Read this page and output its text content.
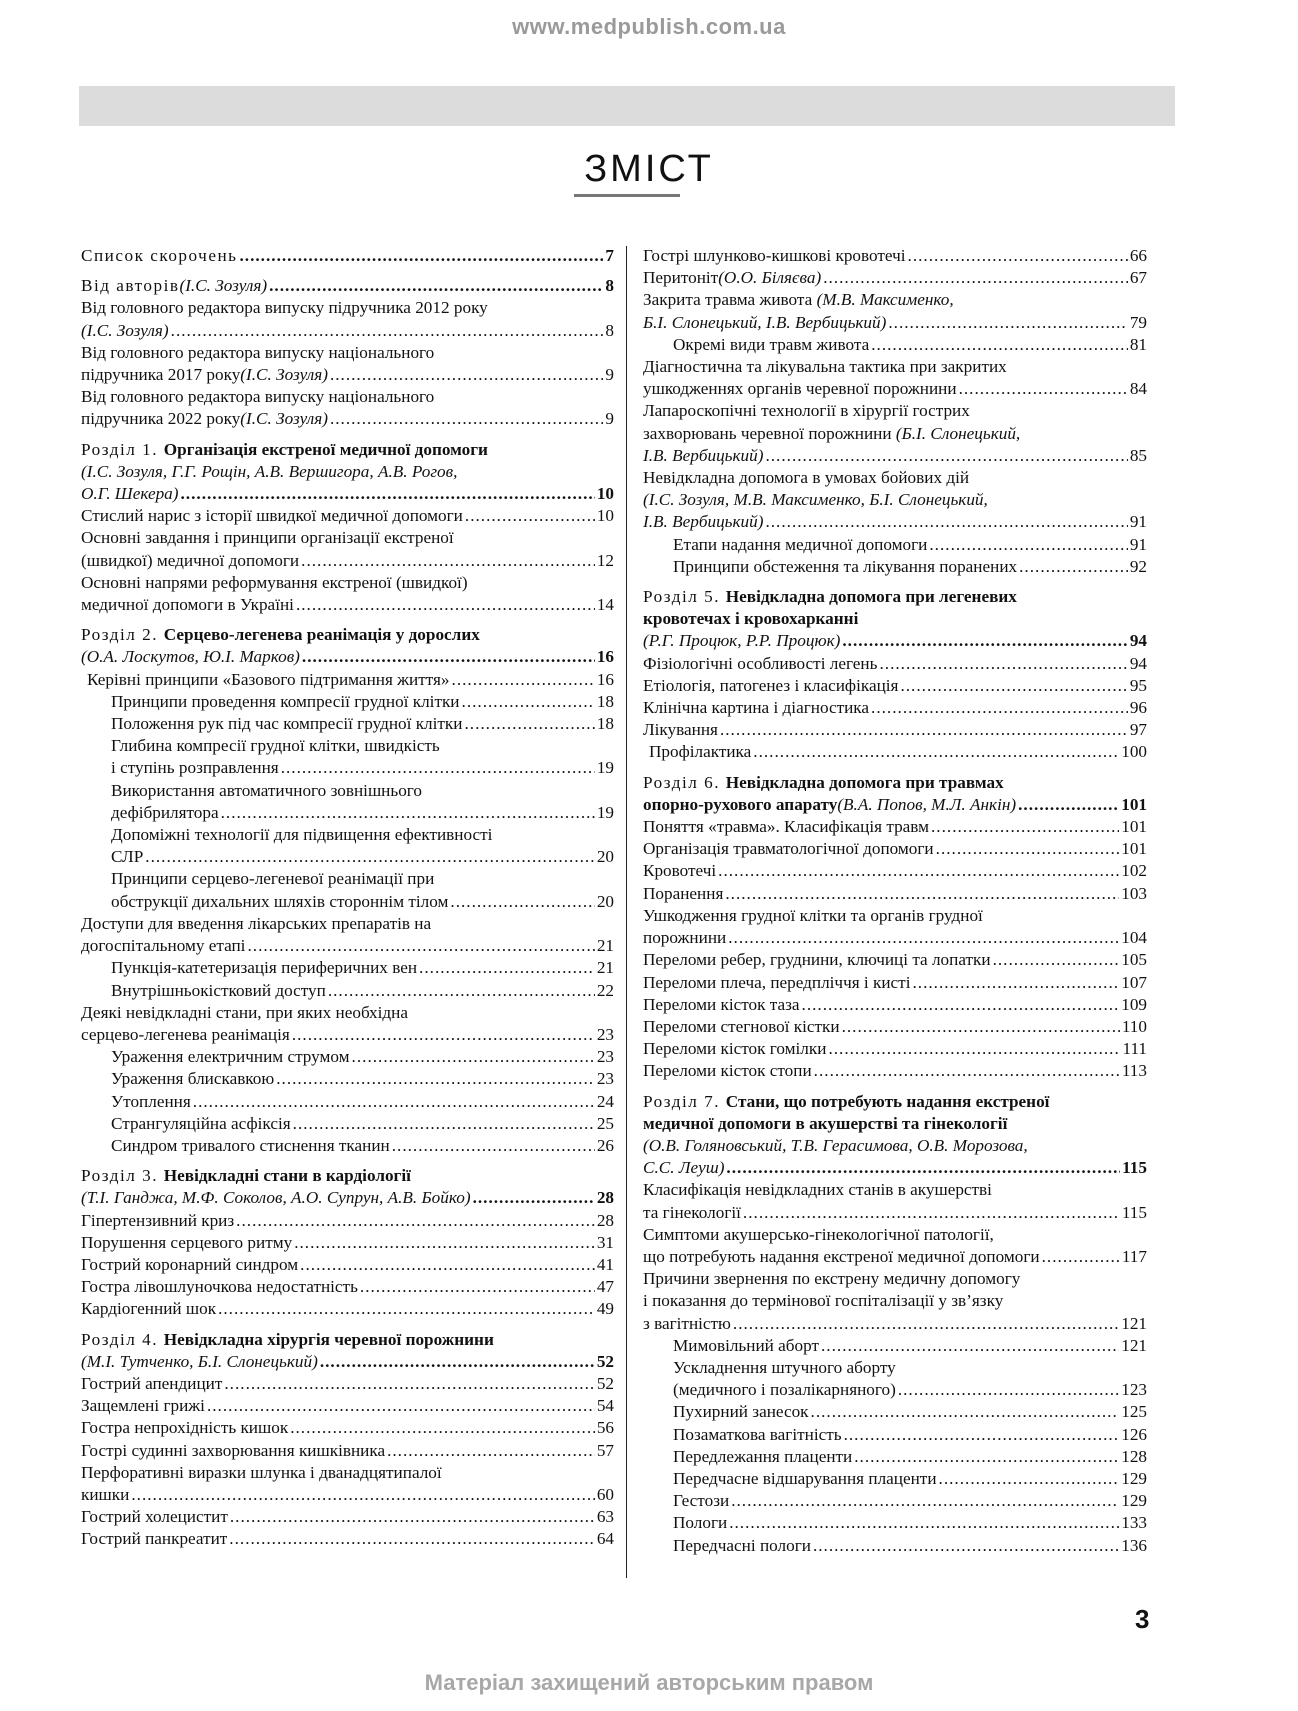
www.medpublish.com.ua
ЗМІСТ
Список скорочень .....	7
Від авторів (І.С. Зозуля) .....	8
Від головного редактора випуску підручника 2012 року
(І.С. Зозуля) .....	8
Від головного редактора випуску національного
підручника 2017 року (І.С. Зозуля) .....	9
Від головного редактора випуску національного
підручника 2022 року (І.С. Зозуля) .....	9
Розділ 1. Організація екстреної медичної допомоги
(І.С. Зозуля, Г.Г. Рощін, А.В. Вершигора, А.В. Рогов,
О.Г. Шекера) .....	10
Стислий нарис з історії швидкої медичної допомоги .....	10
Основні завдання і принципи організації екстреної
(швидкої) медичної допомоги .....	12
Основні напрями реформування екстреної (швидкої)
медичної допомоги в Україні .....	14
Розділ 2. Серцево-легенева реанімація у дорослих
(О.А. Лоскутов, Ю.І. Марков) .....	16
Керівні принципи «Базового підтримання життя» .....	16
Принципи проведення компресії грудної клітки .....	18
Положення рук під час компресії грудної клітки .....	18
Глибина компресії грудної клітки, швидкість
і ступінь розправлення .....	19
Використання автоматичного зовнішнього
дефібрилятора .....	19
Допоміжні технології для підвищення ефективності
СЛР .....	20
Принципи серцево-легеневої реанімації при
обструкції дихальних шляхів стороннім тілом .....	20
Доступи для введення лікарських препаратів на
догоспітальному етапі .....	21
Пункція-катетеризація периферичних вен .....	21
Внутрішньокістковий доступ .....	22
Деякі невідкладні стани, при яких необхідна
серцево-легенева реанімація .....	23
Ураження електричним струмом .....	23
Ураження блискавкою .....	23
Утоплення .....	24
Странгуляційна асфіксія .....	25
Синдром тривалого стиснення тканин .....	26
Розділ 3. Невідкладні стани в кардіології
(Т.І. Ганджа, М.Ф. Соколов, А.О. Супрун, А.В. Бойко) .....	28
Гіпертензивний криз .....	28
Порушення серцевого ритму .....	31
Гострий коронарний синдром .....	41
Гостра лівошлуночкова недостатність .....	47
Кардіогенний шок .....	49
Розділ 4. Невідкладна хірургія черевної порожнини
(М.І. Тутченко, Б.І. Слонецький) .....	52
Гострий апендицит .....	52
Защемлені грижі .....	54
Гостра непрохідність кишок .....	56
Гострі судинні захворювання кишківника .....	57
Перфоративні виразки шлунка і дванадцятипалої
кишки .....	60
Гострий холецистит .....	63
Гострий панкреатит .....	64
Гострі шлунково-кишкові кровотечі .....	66
Перитоніт (О.О. Біляєва) .....	67
Закрита травма живота (М.В. Максименко,
Б.І. Слонецький, І.В. Вербицький) .....	79
Окремі види травм живота .....	81
Діагностична та лікувальна тактика при закритих
ушкодженнях органів черевної порожнини .....	84
Лапароскопічні технології в хірургії гострих
захворювань черевної порожнини (Б.І. Слонецький,
І.В. Вербицький) .....	85
Невідкладна допомога в умовах бойових дій
(І.С. Зозуля, М.В. Максименко, Б.І. Слонецький,
І.В. Вербицький) .....	91
Етапи надання медичної допомоги .....	91
Принципи обстеження та лікування поранених .....	92
Розділ 5. Невідкладна допомога при легеневих
кровотечах і кровохарканні
(Р.Г. Процюк, Р.Р. Процюк) .....	94
Фізіологічні особливості легень .....	94
Етіологія, патогенез і класифікація .....	95
Клінічна картина і діагностика .....	96
Лікування .....	97
Профілактика .....	100
Розділ 6. Невідкладна допомога при травмах
опорно-рухового апарату (В.А. Попов, М.Л. Анкін) .....	101
Поняття «травма». Класифікація травм .....	101
Організація травматологічної допомоги .....	101
Кровотечі .....	102
Поранення .....	103
Ушкодження грудної клітки та органів грудної
порожнини .....	104
Переломи ребер, груднини, ключиці та лопатки .....	105
Переломи плеча, передпліччя і кисті .....	107
Переломи кісток таза .....	109
Переломи стегнової кістки .....	110
Переломи кісток гомілки .....	111
Переломи кісток стопи .....	113
Розділ 7. Стани, що потребують надання екстреної
медичної допомоги в акушерстві та гінекології
(О.В. Голяновський, Т.В. Герасимова, О.В. Морозова,
С.С. Леуш) .....	115
Класифікація невідкладних станів в акушерстві
та гінекології .....	115
Симптоми акушерсько-гінекологічної патології,
що потребують надання екстреної медичної допомоги .....	117
Причини звернення по екстрену медичну допомогу
і показання до термінової госпіталізації у зв’язку
з вагітністю .....	121
Мимовільний аборт .....	121
Ускладнення штучного аборту
(медичного і позалікарняного) .....	123
Пухирний занесок .....	125
Позаматкова вагітність .....	126
Передлежання плаценти .....	128
Передчасне відшарування плаценти .....	129
Гестози .....	129
Пологи .....	133
Передчасні пологи .....	136
3
Матеріал захищений авторським правом
